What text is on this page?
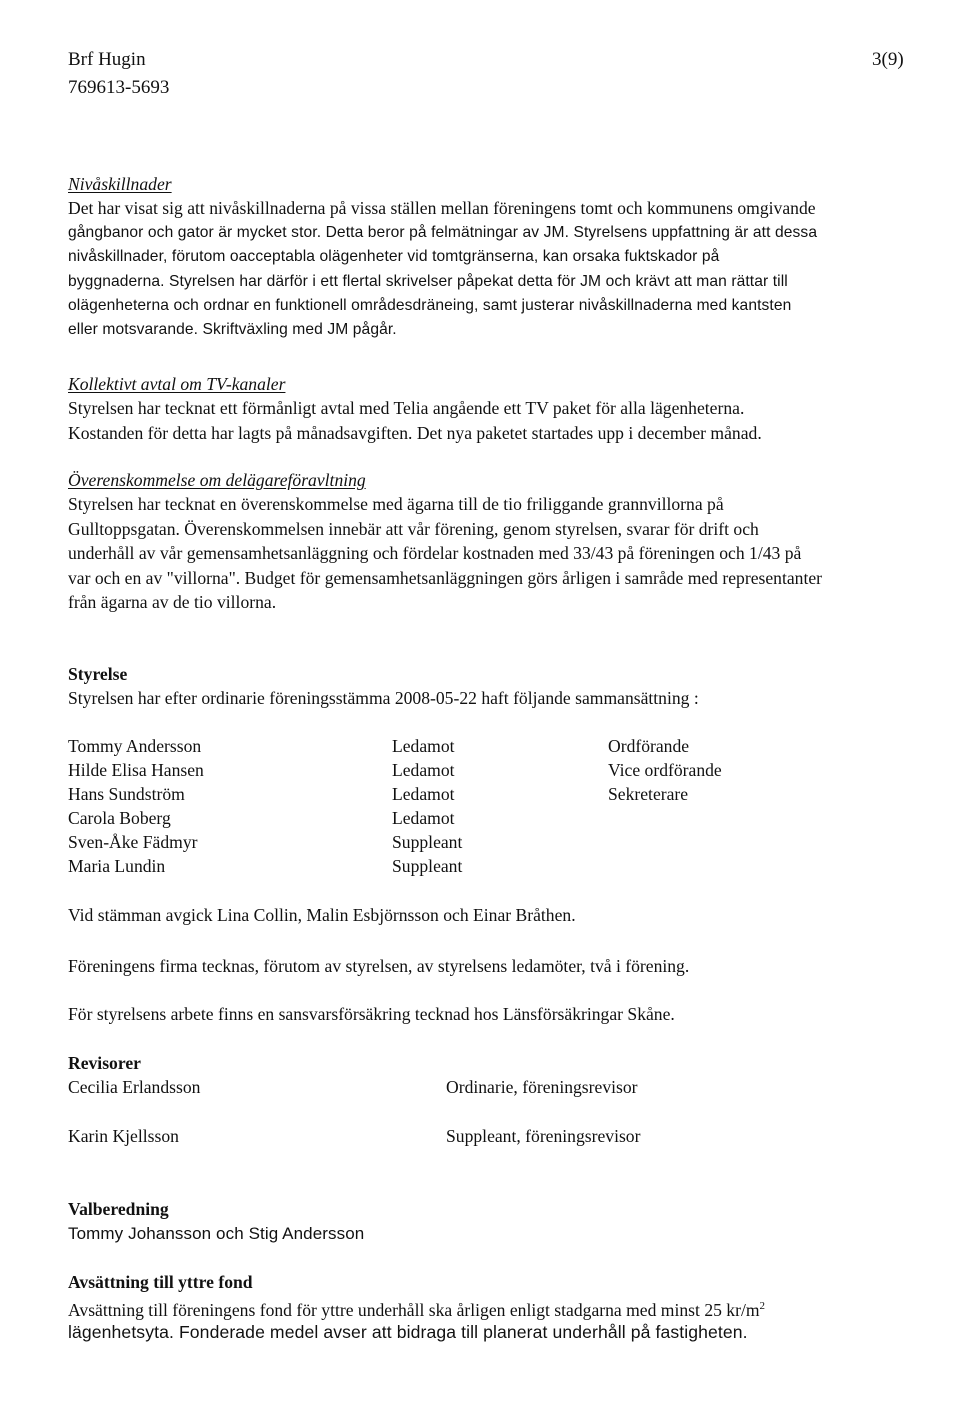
Brf Hugin
769613-5693
3(9)
Nivåskillnader
Det har visat sig att nivåskillnaderna på vissa ställen mellan föreningens tomt och kommunens omgivande
gångbanor och gator är mycket stor. Detta beror på felmätningar av JM. Styrelsens uppfattning är att dessa
nivåskillnader, förutom oacceptabla olägenheter vid tomtgränserna, kan orsaka fuktskador på
byggnaderna. Styrelsen har därför i ett flertal skrivelser påpekat detta för JM och krävt att man rättar till
olägenheterna och ordnar en funktionell områdesdräneing, samt justerar nivåskillnaderna med kantsten
eller motsvarande. Skriftväxling med JM pågår.
Kollektivt avtal om TV-kanaler
Styrelsen har tecknat ett förmånligt avtal med Telia angående ett TV paket för alla lägenheterna.
Kostanden för detta har lagts på månadsavgiften. Det nya paketet startades upp i december månad.
Överenskommelse om delägareföravltning
Styrelsen har tecknat en överenskommelse med ägarna till de tio friliggande grannvillorna på
Gulltoppsgatan. Överenskommelsen innebär att vår förening, genom styrelsen, svarar för drift och
underhåll av vår gemensamhetsanläggning och fördelar kostnaden med 33/43 på föreningen och 1/43 på
var och en av "villorna". Budget för gemensamhetsanläggningen görs årligen i samråde med representanter
från ägarna av de tio villorna.
Styrelse
Styrelsen har efter ordinarie föreningsstämma 2008-05-22 haft följande sammansättning :
Tommy Andersson	Ledamot	Ordförande
Hilde Elisa Hansen	Ledamot	Vice ordförande
Hans Sundström	Ledamot	Sekreterare
Carola Boberg	Ledamot
Sven-Åke Fädmyr	Suppleant
Maria Lundin	Suppleant
Vid stämman avgick Lina Collin, Malin Esbjörnsson och Einar Bråthen.
Föreningens firma tecknas, förutom av styrelsen, av styrelsens ledamöter, två i förening.
För styrelsens arbete finns en sansvarsförsäkring tecknad hos Länsförsäkringar Skåne.
Revisorer
Cecilia Erlandsson	Ordinarie, föreningsrevisor
Karin Kjellsson	Suppleant, föreningsrevisor
Valberedning
Tommy Johansson och Stig Andersson
Avsättning till yttre fond
Avsättning till föreningens fond för yttre underhåll ska årligen enligt stadgarna med minst 25 $kr/m^2$
lägenhetsyta. Fonderade medel avser att bidraga till planerat underhåll på fastigheten.
